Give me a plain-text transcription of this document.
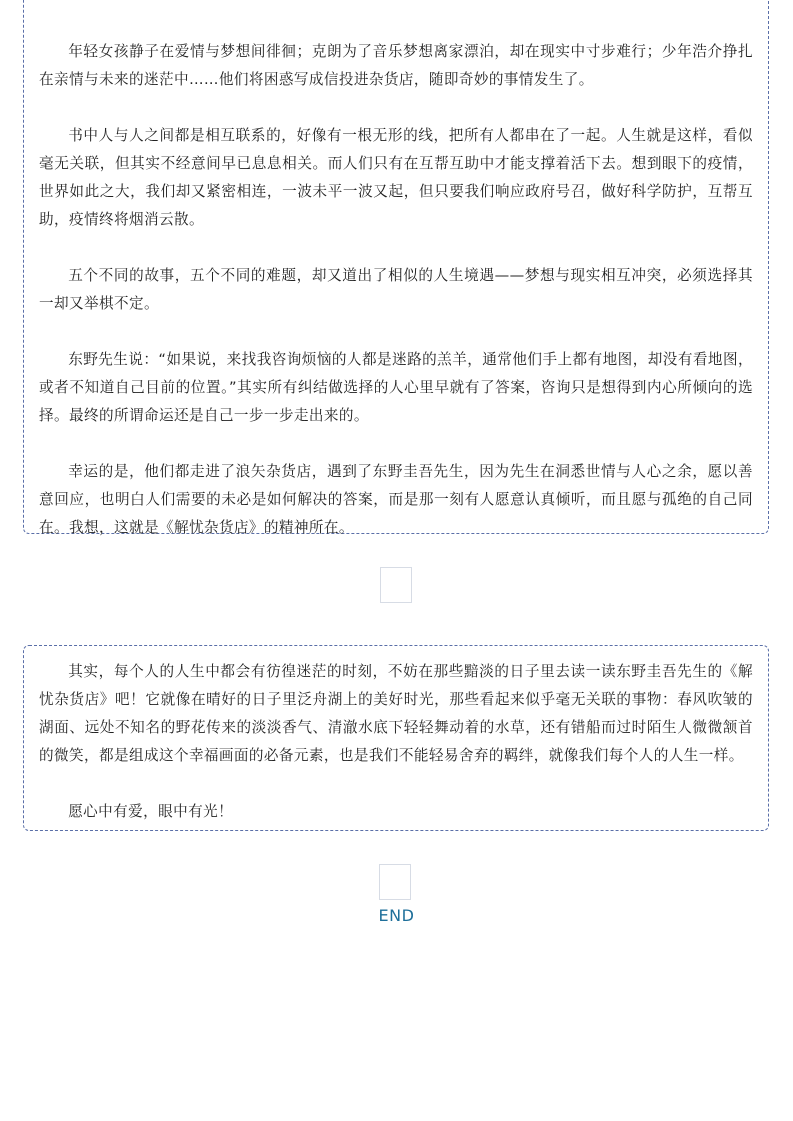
年轻女孩静子在爱情与梦想间徘徊；克朗为了音乐梦想离家漂泊，却在现实中寸步难行；少年浩介挣扎在亲情与未来的迷茫中……他们将困惑写成信投进杂货店，随即奇妙的事情发生了。

书中人与人之间都是相互联系的，好像有一根无形的线，把所有人都串在了一起。人生就是这样，看似毫无关联，但其实不经意间早已息息相关。而人们只有在互帮互助中才能支撑着活下去。想到眼下的疫情，世界如此之大，我们却又紧密相连，一波未平一波又起，但只要我们响应政府号召，做好科学防护，互帮互助，疫情终将烟消云散。

五个不同的故事，五个不同的难题，却又道出了相似的人生境遇——梦想与现实相互冲突，必须选择其一却又举棋不定。

东野先生说：“如果说，来找我咨询烦恼的人都是迷路的羔羊，通常他们手上都有地图，却没有看地图，或者不知道自己目前的位置。”其实所有纠结做选择的人心里早就有了答案，咨询只是想得到内心所倾向的选择。最终的所谓命运还是自己一步一步走出来的。

幸运的是，他们都走进了浪矢杂货店，遇到了东野圭吾先生，因为先生在洞悉世情与人心之余，愿以善意回应，也明白人们需要的未必是如何解决的答案，而是那一刻有人愿意认真倾听，而且愿与孤绝的自己同在。我想，这就是《解忧杂货店》的精神所在。

其实，每个人的人生中都会有彷徨迷茫的时刻，不妨在那些黯淡的日子里去读一读东野圭吾先生的《解忧杂货店》吧！它就像在晴好的日子里泛舟湖上的美好时光，那些看起来似乎毫无关联的事物：春风吹皱的湖面、远处不知名的野花传来的淡淡香气、清澈水底下轻轻舞动着的水草，还有错船而过时陌生人微微颔首的微笑，都是组成这个幸福画面的必备元素，也是我们不能轻易舍弃的羁绊，就像我们每个人的人生一样。

愿心中有爱，眼中有光！

END
